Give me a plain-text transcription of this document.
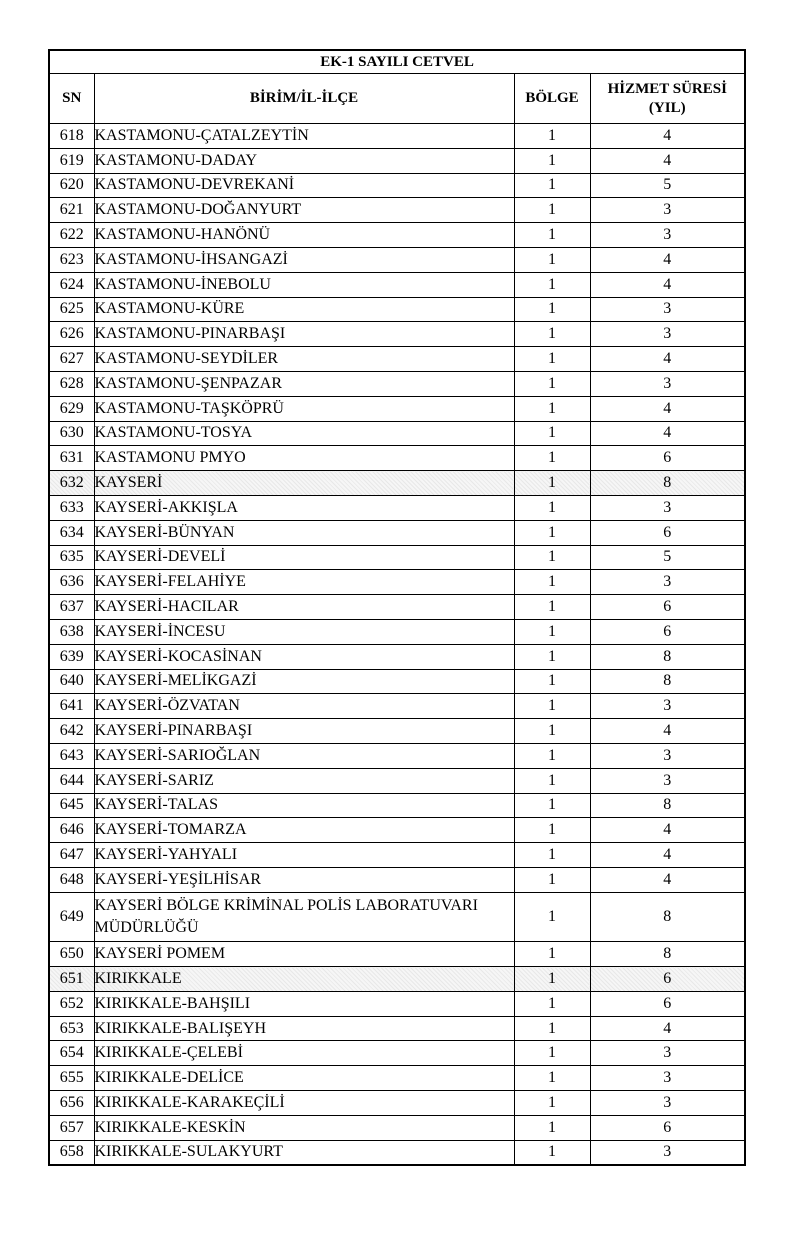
EK-1 SAYILI CETVEL			
SN	BİRİM/İL-İLÇE	BÖLGE	HİZMET SÜRESİ (YIL)
618	KASTAMONU-ÇATALZEYTİN	1	4
619	KASTAMONU-DADAY	1	4
620	KASTAMONU-DEVREKANİ	1	5
621	KASTAMONU-DOĞANYURT	1	3
622	KASTAMONU-HANÖNÜ	1	3
623	KASTAMONU-İHSANGAZİ	1	4
624	KASTAMONU-İNEBOLU	1	4
625	KASTAMONU-KÜRE	1	3
626	KASTAMONU-PINARBAŞI	1	3
627	KASTAMONU-SEYDİLER	1	4
628	KASTAMONU-ŞENPAZAR	1	3
629	KASTAMONU-TAŞKÖPRÜ	1	4
630	KASTAMONU-TOSYA	1	4
631	KASTAMONU PMYO	1	6
632	KAYSERİ	1	8
633	KAYSERİ-AKKIŞLA	1	3
634	KAYSERİ-BÜNYAN	1	6
635	KAYSERİ-DEVELİ	1	5
636	KAYSERİ-FELAHİYE	1	3
637	KAYSERİ-HACILAR	1	6
638	KAYSERİ-İNCESU	1	6
639	KAYSERİ-KOCASİNAN	1	8
640	KAYSERİ-MELİKGAZİ	1	8
641	KAYSERİ-ÖZVATAN	1	3
642	KAYSERİ-PINARBAŞI	1	4
643	KAYSERİ-SARIOĞLAN	1	3
644	KAYSERİ-SARIZ	1	3
645	KAYSERİ-TALAS	1	8
646	KAYSERİ-TOMARZA	1	4
647	KAYSERİ-YAHYALI	1	4
648	KAYSERİ-YEŞİLHİSAR	1	4
649	KAYSERİ BÖLGE KRİMİNAL POLİS LABORATUVARI MÜDÜRLÜĞÜ	1	8
650	KAYSERİ POMEM	1	8
651	KIRIKKALE	1	6
652	KIRIKKALE-BAHŞILI	1	6
653	KIRIKKALE-BALIŞEYH	1	4
654	KIRIKKALE-ÇELEBİ	1	3
655	KIRIKKALE-DELİCE	1	3
656	KIRIKKALE-KARAKEÇİLİ	1	3
657	KIRIKKALE-KESKİN	1	6
658	KIRIKKALE-SULAKYURT	1	3
